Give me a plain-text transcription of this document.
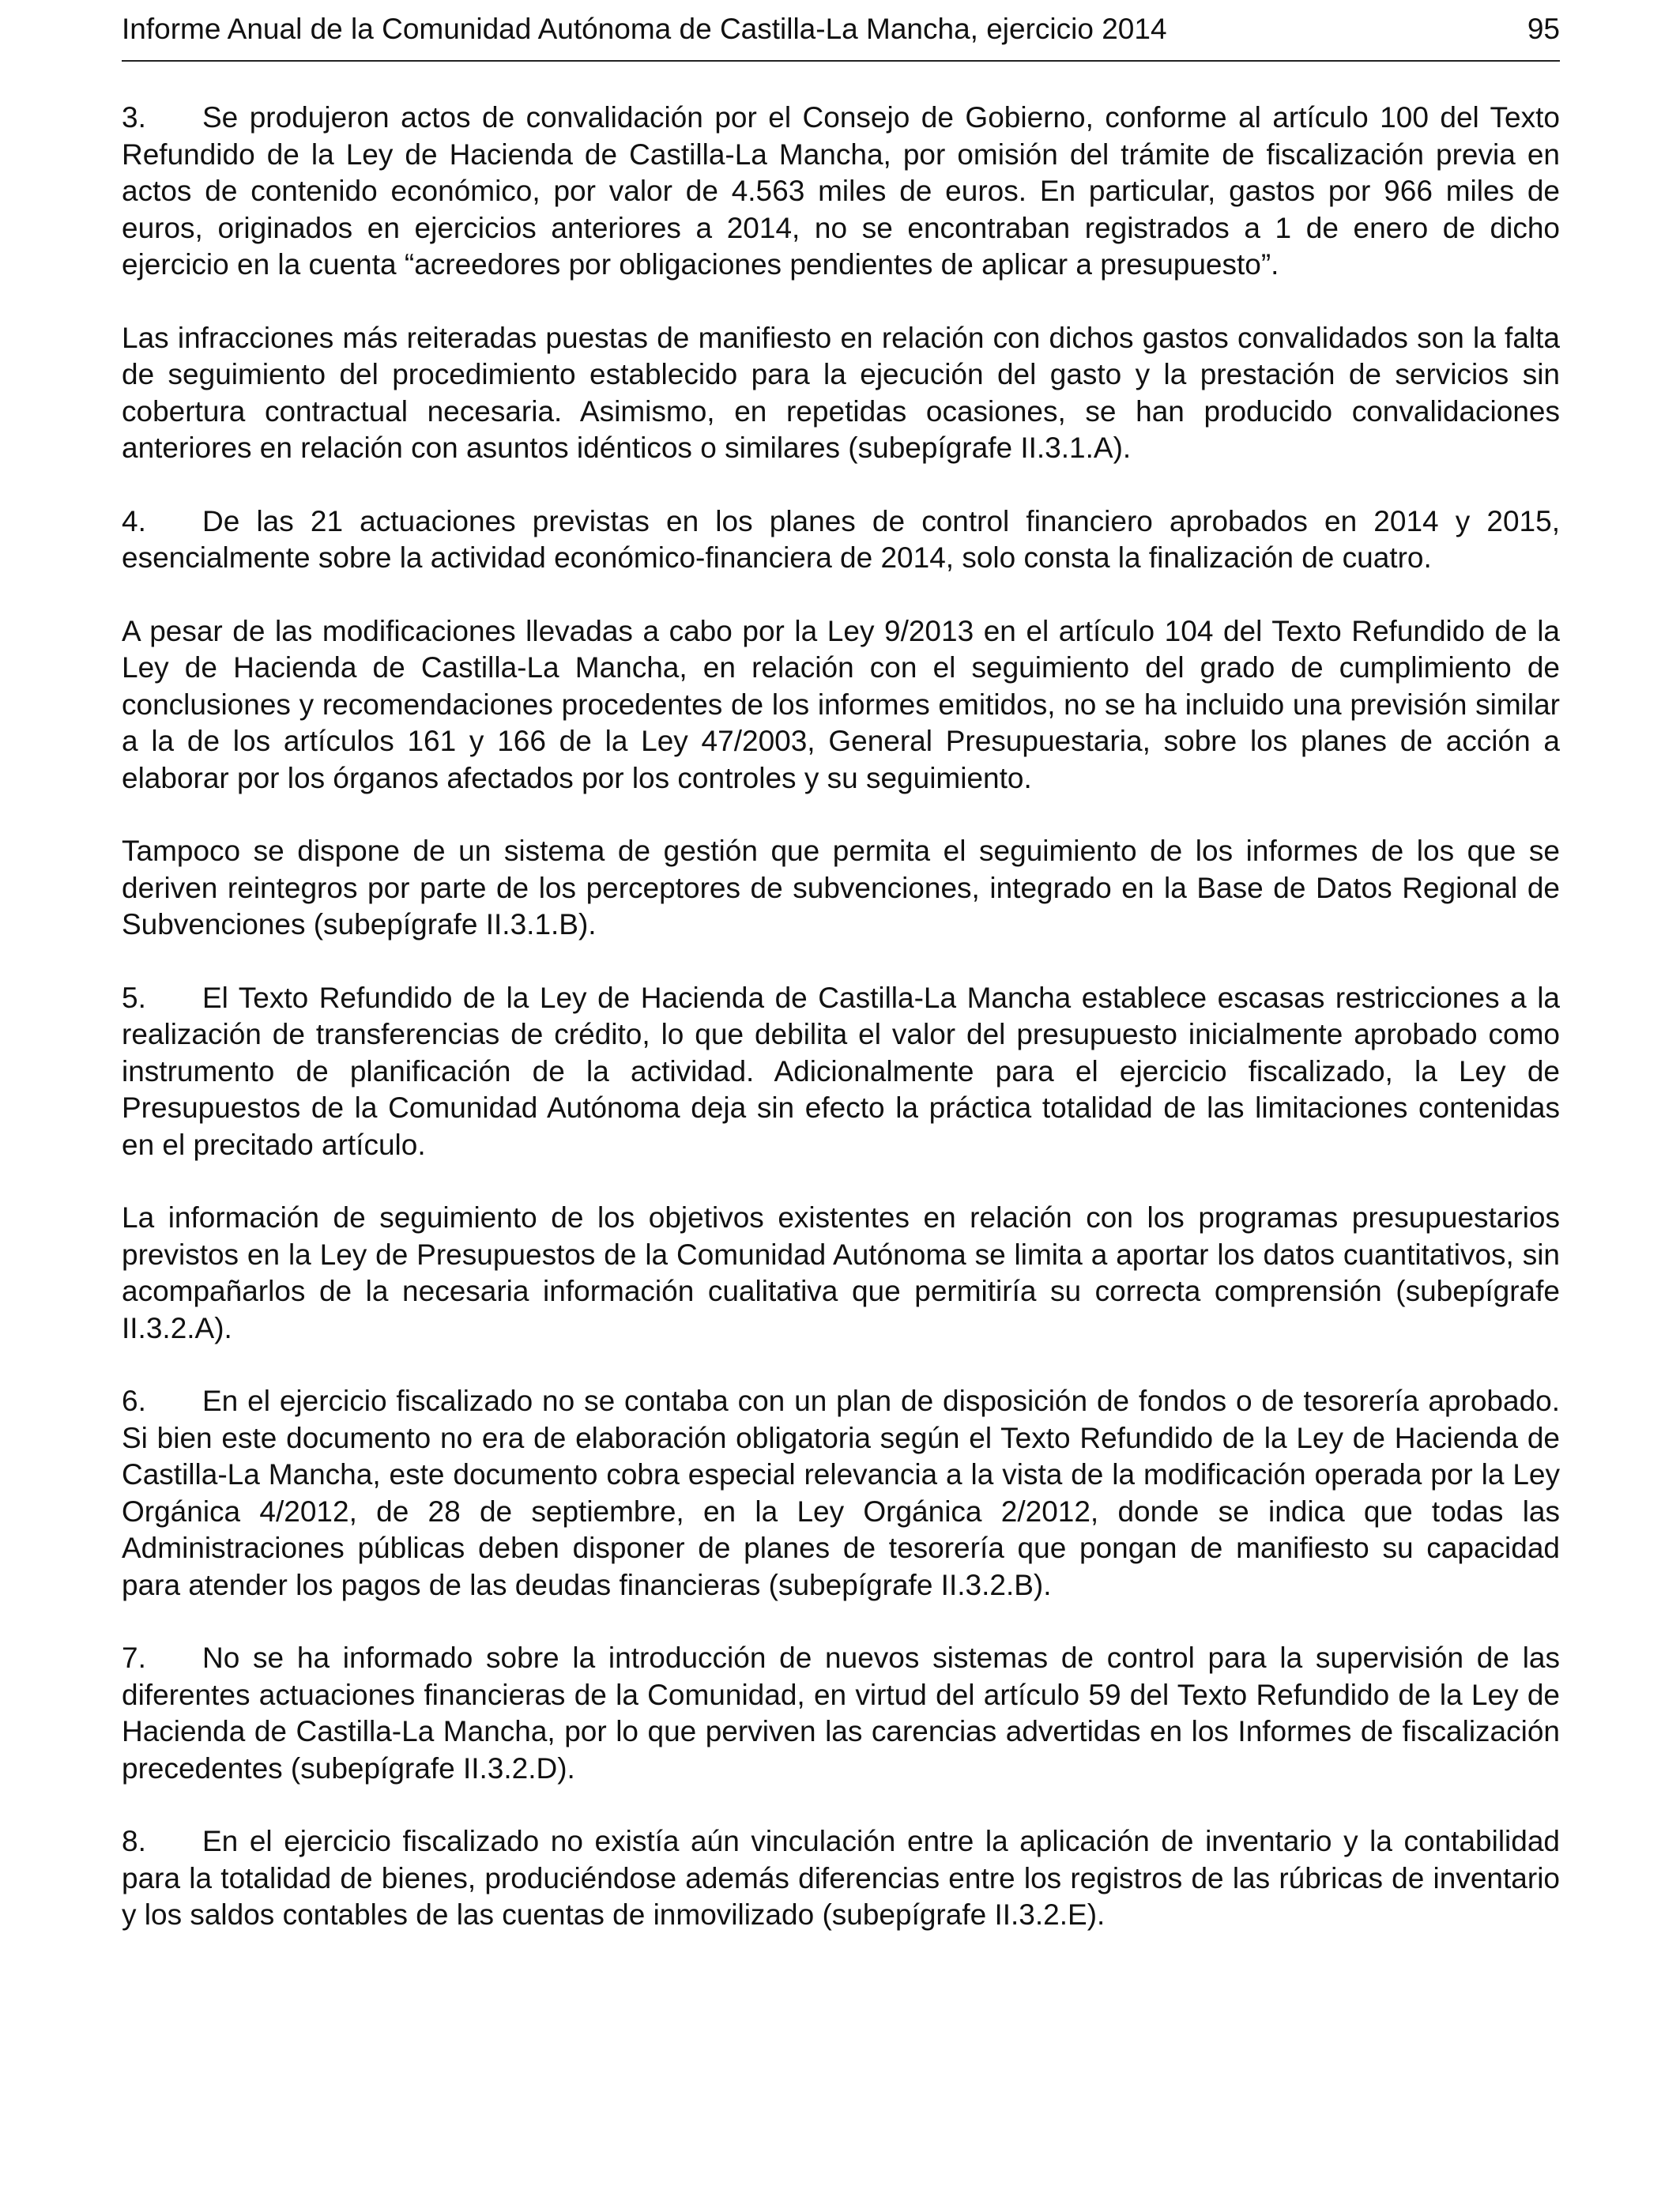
Informe Anual de la Comunidad Autónoma de Castilla-La Mancha, ejercicio 2014	95

3. Se produjeron actos de convalidación por el Consejo de Gobierno, conforme al artículo 100 del Texto Refundido de la Ley de Hacienda de Castilla-La Mancha, por omisión del trámite de fiscalización previa en actos de contenido económico, por valor de 4.563 miles de euros. En particular, gastos por 966 miles de euros, originados en ejercicios anteriores a 2014, no se encontraban registrados a 1 de enero de dicho ejercicio en la cuenta “acreedores por obligaciones pendientes de aplicar a presupuesto”.

Las infracciones más reiteradas puestas de manifiesto en relación con dichos gastos convalidados son la falta de seguimiento del procedimiento establecido para la ejecución del gasto y la prestación de servicios sin cobertura contractual necesaria. Asimismo, en repetidas ocasiones, se han producido convalidaciones anteriores en relación con asuntos idénticos o similares (subepígrafe II.3.1.A).

4. De las 21 actuaciones previstas en los planes de control financiero aprobados en 2014 y 2015, esencialmente sobre la actividad económico-financiera de 2014, solo consta la finalización de cuatro.

A pesar de las modificaciones llevadas a cabo por la Ley 9/2013 en el artículo 104 del Texto Refundido de la Ley de Hacienda de Castilla-La Mancha, en relación con el seguimiento del grado de cumplimiento de conclusiones y recomendaciones procedentes de los informes emitidos, no se ha incluido una previsión similar a la de los artículos 161 y 166 de la Ley 47/2003, General Presupuestaria, sobre los planes de acción a elaborar por los órganos afectados por los controles y su seguimiento.

Tampoco se dispone de un sistema de gestión que permita el seguimiento de los informes de los que se deriven reintegros por parte de los perceptores de subvenciones, integrado en la Base de Datos Regional de Subvenciones (subepígrafe II.3.1.B).

5. El Texto Refundido de la Ley de Hacienda de Castilla-La Mancha establece escasas restricciones a la realización de transferencias de crédito, lo que debilita el valor del presupuesto inicialmente aprobado como instrumento de planificación de la actividad. Adicionalmente para el ejercicio fiscalizado, la Ley de Presupuestos de la Comunidad Autónoma deja sin efecto la práctica totalidad de las limitaciones contenidas en el precitado artículo.

La información de seguimiento de los objetivos existentes en relación con los programas presupuestarios previstos en la Ley de Presupuestos de la Comunidad Autónoma se limita a aportar los datos cuantitativos, sin acompañarlos de la necesaria información cualitativa que permitiría su correcta comprensión (subepígrafe II.3.2.A).

6. En el ejercicio fiscalizado no se contaba con un plan de disposición de fondos o de tesorería aprobado. Si bien este documento no era de elaboración obligatoria según el Texto Refundido de la Ley de Hacienda de Castilla-La Mancha, este documento cobra especial relevancia a la vista de la modificación operada por la Ley Orgánica 4/2012, de 28 de septiembre, en la Ley Orgánica 2/2012, donde se indica que todas las Administraciones públicas deben disponer de planes de tesorería que pongan de manifiesto su capacidad para atender los pagos de las deudas financieras (subepígrafe II.3.2.B).

7. No se ha informado sobre la introducción de nuevos sistemas de control para la supervisión de las diferentes actuaciones financieras de la Comunidad, en virtud del artículo 59 del Texto Refundido de la Ley de Hacienda de Castilla-La Mancha, por lo que perviven las carencias advertidas en los Informes de fiscalización precedentes (subepígrafe II.3.2.D).

8. En el ejercicio fiscalizado no existía aún vinculación entre la aplicación de inventario y la contabilidad para la totalidad de bienes, produciéndose además diferencias entre los registros de las rúbricas de inventario y los saldos contables de las cuentas de inmovilizado (subepígrafe II.3.2.E).
